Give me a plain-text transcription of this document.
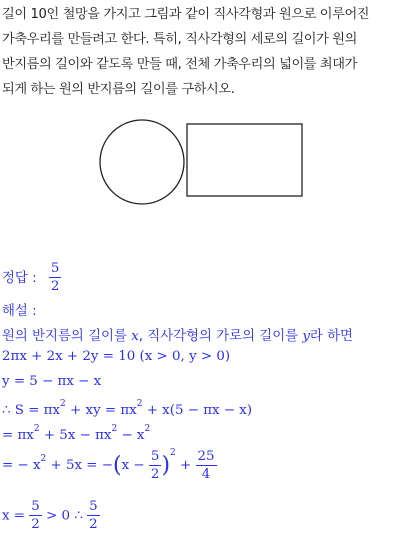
길이 10인 철망을 가지고 그림과 같이 직사각형과 원으로 이루어진

가축우리를 만들려고 한다. 특히, 직사각형의 세로의 길이가 원의

반지름의 길이와 같도록 만들 때, 전체 가축우리의 넓이를 최대가

되게 하는 원의 반지름의 길이를 구하시오.

정답 : $\frac{5}{2}$
해설 :
원의 반지름의 길이를 x, 직사각형의 가로의 길이를 y라 하면
2πx + 2x + 2y = 10 (x > 0, y > 0)
y = 5 − πx − x
∴ $S = \pi x^2$ + xy = $\pi x^2 + x(5 - \pi x - x)$
= $\pi x^2 + 5x - \pi x^2 - x^2$
= − $x^2 + 5x = -(x - \frac{5}{2} )^2 + \frac{25}{4}$
$x = \frac{5}{2} > 0$ ∴ $\frac{5}{2}$
